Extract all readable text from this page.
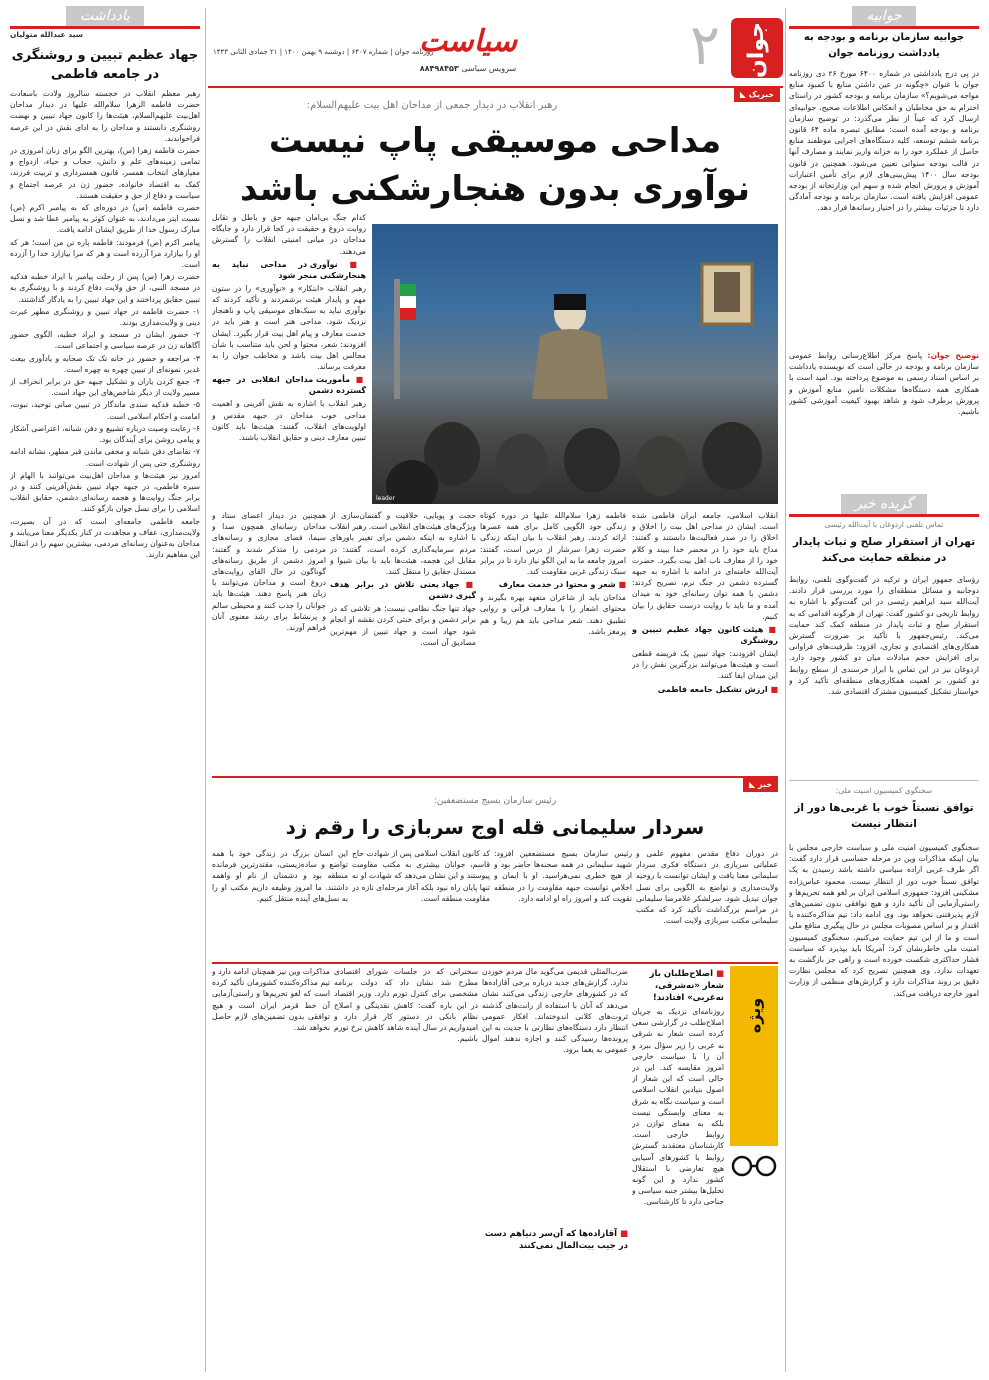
جوان
۲
سیاست
سرویس سیاسی ۸۸۴۹۸۴۵۳
روزنامه جوان | شماره ۶۴۰۷ | دوشنبه ۹ بهمن ۱۴۰۰ | ۲۱ جمادی الثانی ۱۴۴۳
خبریک ◣
یادداشت
سید عبدالله متولیان
جهاد عظیم تبیین و روشنگری در جامعه فاطمی

رهبر معظم انقلاب در خجسته سالروز ولادت باسعادت حضرت فاطمه الزهرا سلام‌الله علیها در دیدار مداحان اهل‌بیت علیهم‌السلام، هیئت‌ها را کانون جهاد تبیین و نهضت روشنگری دانستند و مداحان را به ادای نقش در این عرصه فراخواندند.

حضرت فاطمه زهرا (س)، بهترین الگو برای زنان امروزی در تمامی زمینه‌های علم و دانش، حجاب و حیاء، ازدواج و معیارهای انتخاب همسر، قانون همسرداری و تربیت فرزند، کمک به اقتصاد خانواده، حضور زن در عرصه اجتماع و سیاست و دفاع از حق و حقیقت هستند.

حضرت فاطمه (س) در دوره‌ای که به پیامبر اکرم (ص) نسبت ابتر می‌دادند، به عنوان کوثر به پیامبر عطا شد و نسل مبارک رسول خدا از طریق ایشان ادامه یافت.

پیامبر اکرم (ص) فرمودند: فاطمه پاره تن من است؛ هر که او را بیازارد مرا آزرده است و هر که مرا بیازارد خدا را آزرده است.

حضرت زهرا (س) پس از رحلت پیامبر با ایراد خطبه فدکیه در مسجد النبی، از حق ولایت دفاع کردند و با روشنگری به تبیین حقایق پرداختند و این جهاد تبیین را به یادگار گذاشتند.

۱- حضرت فاطمه در جهاد تبیین و روشنگری مظهر غیرت دینی و ولایت‌مداری بودند.

۲- حضور ایشان در مسجد و ایراد خطبه، الگوی حضور آگاهانه زن در عرصه سیاسی و اجتماعی است.

۳- مراجعه و حضور در خانه تک تک صحابه و یادآوری بیعت غدیر، نمونه‌ای از تبیین چهره به چهره است.

۴- جمع کردن یاران و تشکیل جبهه حق در برابر انحراف از مسیر ولایت از دیگر شاخص‌های این جهاد است.

۵- خطبه فدکیه سندی ماندگار در تبیین مبانی توحید، نبوت، امامت و احکام اسلامی است.

۶- رعایت وصیت درباره تشییع و دفن شبانه، اعتراضی آشکار و پیامی روشن برای آیندگان بود.

۷- تقاضای دفن شبانه و مخفی ماندن قبر مطهر، نشانه ادامه روشنگری حتی پس از شهادت است.

امروز نیز هیئت‌ها و مداحان اهل‌بیت می‌توانند با الهام از سیره فاطمی، در جبهه جهاد تبیین نقش‌آفرینی کنند و در برابر جنگ روایت‌ها و هجمه رسانه‌ای دشمن، حقایق انقلاب اسلامی را برای نسل جوان بازگو کنند.

جامعه فاطمی جامعه‌ای است که در آن بصیرت، ولایت‌مداری، عفاف و مجاهدت در کنار یکدیگر معنا می‌یابند و مداحان به‌عنوان رسانه‌ای مردمی، بیشترین سهم را در انتقال این مفاهیم دارند.

جوابیه
جوابیه سازمان برنامه و بودجه به یادداشت روزنامه جوان

در پی درج یادداشتی در شماره ۶۴۰۰ مورخ ۲۶ دی روزنامه جوان با عنوان «چگونه در عین داشتن منابع با کمبود منابع مواجه می‌شویم؟» سازمان برنامه و بودجه کشور در راستای احترام به حق مخاطبان و انعکاس اطلاعات صحیح، جوابیه‌ای ارسال کرد که عیناً از نظر می‌گذرد: در توضیح سازمان برنامه و بودجه آمده است: مطابق تبصره ماده ۶۴ قانون برنامه ششم توسعه، کلیه دستگاه‌های اجرایی موظفند منابع حاصل از عملکرد خود را به خزانه واریز نمایند و مصارف آنها در قالب بودجه سنواتی تعیین می‌شود. همچنین در قانون بودجه سال ۱۴۰۰ پیش‌بینی‌های لازم برای تأمین اعتبارات آموزش و پرورش انجام شده و سهم این وزارتخانه از بودجه عمومی افزایش یافته است. سازمان برنامه و بودجه آمادگی دارد تا جزئیات بیشتر را در اختیار رسانه‌ها قرار دهد.

توضیح جوان: پاسخ مرکز اطلاع‌رسانی روابط عمومی سازمان برنامه و بودجه در حالی است که نویسنده یادداشت بر اساس اسناد رسمی به موضوع پرداخته بود. امید است با همکاری همه دستگاه‌ها مشکلات تأمین منابع آموزش و پرورش برطرف شود و شاهد بهبود کیفیت آموزشی کشور باشیم.

گزیده خبر
تماس تلفنی اردوغان با آیت‌الله رئیسی
تهران از استقرار صلح و ثبات پایدار در منطقه حمایت می‌کند

رؤسای جمهور ایران و ترکیه در گفت‌وگوی تلفنی، روابط دوجانبه و مسائل منطقه‌ای را مورد بررسی قرار دادند. آیت‌الله سید ابراهیم رئیسی در این گفت‌وگو با اشاره به روابط تاریخی دو کشور گفت: تهران از هرگونه اقدامی که به استقرار صلح و ثبات پایدار در منطقه کمک کند حمایت می‌کند. رئیس‌جمهور با تأکید بر ضرورت گسترش همکاری‌های اقتصادی و تجاری، افزود: ظرفیت‌های فراوانی برای افزایش حجم مبادلات میان دو کشور وجود دارد. اردوغان نیز در این تماس با ابراز خرسندی از سطح روابط دو کشور، بر اهمیت همکاری‌های منطقه‌ای تأکید کرد و خواستار تشکیل کمیسیون مشترک اقتصادی شد.

سخنگوی کمیسیون امنیت ملی:
توافق نسبتاً خوب با غربی‌ها دور از انتظار نیست

سخنگوی کمیسیون امنیت ملی و سیاست خارجی مجلس با بیان اینکه مذاکرات وین در مرحله حساسی قرار دارد گفت: اگر طرف غربی اراده سیاسی داشته باشد رسیدن به یک توافق نسبتاً خوب دور از انتظار نیست. محمود عباس‌زاده مشکینی افزود: جمهوری اسلامی ایران بر لغو همه تحریم‌ها و راستی‌آزمایی آن تأکید دارد و هیچ توافقی بدون تضمین‌های لازم پذیرفتنی نخواهد بود. وی ادامه داد: تیم مذاکره‌کننده با اقتدار و بر اساس مصوبات مجلس در حال پیگیری منافع ملی است و ما از این تیم حمایت می‌کنیم. سخنگوی کمیسیون امنیت ملی خاطرنشان کرد: آمریکا باید بپذیرد که سیاست فشار حداکثری شکست خورده است و راهی جز بازگشت به تعهدات ندارد. وی همچنین تصریح کرد که مجلس نظارت دقیق بر روند مذاکرات دارد و گزارش‌های منظمی از وزارت امور خارجه دریافت می‌کند.

رهبر انقلاب در دیدار جمعی از مداحان اهل بیت علیهم‌السلام:
مداحی موسیقی پاپ نیست
نوآوری بدون هنجارشکنی باشد
leader

کدام جنگ بی‌امان جبهه حق و باطل و تقابل روایت دروغ و حقیقت در کجا قرار دارد و جایگاه مداحان در میانی امنیتی انقلاب را گسترش می‌دهند.

■ نوآوری در مداحی نباید به هنجارشکنی منجر شود

رهبر انقلاب «ابتکار» و «نوآوری» را در ستون مهم و پایدار هیئت برشمردند و تأکید کردند که نوآوری نباید به سبک‌های موسیقی پاپ و ناهنجار نزدیک شود. مداحی هنر است و هنر باید در خدمت معارف و پیام اهل بیت قرار بگیرد. ایشان افزودند: شعر، محتوا و لحن باید متناسب با شأن مجالس اهل بیت باشد و مخاطب جوان را به معرفت برساند.

■ مأموریت مداحان انقلابی در جبهه گسترده دشمن

رهبر انقلاب با اشاره به نقش آفرینی و اهمیت مداحی خوب مداحان در جبهه مقدس و اولویت‌های انقلاب، گفتند: هیئت‌ها باید کانون تبیین معارف دینی و حقایق انقلاب باشند.

انقلاب اسلامی، جامعه ایران فاطمی شده است. ایشان در مداحی اهل بیت را اخلاق و اخلاق را در صدر فعالیت‌ها دانستند و گفتند: مداح باید خود را در محضر خدا ببیند و کلام خود را از معارف ناب اهل بیت بگیرد. حضرت آیت‌الله خامنه‌ای در ادامه با اشاره به جبهه گسترده دشمن در جنگ نرم، تصریح کردند: دشمن با همه توان رسانه‌ای خود به میدان آمده و ما باید با روایت درست حقایق را بیان کنیم.

■ هیئت کانون جهاد عظیم تبیین و روشنگری

ایشان افزودند: جهاد تبیین یک فریضه قطعی است و هیئت‌ها می‌توانند بزرگترین نقش را در این میدان ایفا کنند.

■ ارزش تشکیل جامعه فاطمی

فاطمه زهرا سلام‌الله علیها در دوره کوتاه زندگی خود الگویی کامل برای همه عصرها ارائه کردند. رهبر انقلاب با بیان اینکه زندگی حضرت زهرا سرشار از درس است، گفتند: امروز جامعه ما به این الگو نیاز دارد تا در برابر سبک زندگی غربی مقاومت کند.

■ شعر و محتوا در خدمت معارف

مداحان باید از شاعران متعهد بهره بگیرند و محتوای اشعار را با معارف قرآنی و روایی تطبیق دهند. شعر مداحی باید هم زیبا و هم پرمغز باشد.

حجت و پویایی، خلاقیت و گفتمان‌سازی از ویژگی‌های هیئت‌های انقلابی است. رهبر انقلاب با اشاره به اینکه دشمن برای تغییر باورهای مردم سرمایه‌گذاری کرده است، گفتند: در مقابل این هجمه، هیئت‌ها باید با بیان شیوا و مستدل حقایق را منتقل کنند.

■ جهاد یعنی تلاش در برابر هدف گیری دشمن

جهاد تنها جنگ نظامی نیست؛ هر تلاشی که در برابر دشمن و برای خنثی کردن نقشه او انجام شود جهاد است و جهاد تبیین از مهم‌ترین مصادیق آن است.

همچنین در دیدار اعضای ستاد و مداحان رسانه‌ای همچون صدا و سیما، فضای مجازی و رسانه‌های مردمی را متذکر شدند و گفتند: امروز دشمن از طریق رسانه‌های گوناگون در حال القای روایت‌های دروغ است و مداحان می‌توانند با زبان هنر پاسخ دهند. هیئت‌ها باید جوانان را جذب کنند و محیطی سالم و پرنشاط برای رشد معنوی آنان فراهم آورند.

خبر ◣
رئیس سازمان بسیج مستضعفین:
سردار سلیمانی قله اوج سربازی را رقم زد

در دوران دفاع مقدس مفهوم علمی و عملیاتی سربازی در دستگاه فکری سردار سلیمانی معنا یافت و ایشان توانست با روحیه ولایت‌مداری و تواضع به الگویی برای نسل جوان تبدیل شود. سرلشکر غلامرضا سلیمانی در مراسم بزرگداشت تأکید کرد که مکتب سلیمانی مکتب سربازی ولایت است.

رئیس سازمان بسیج مستضعفین افزود: شهید سلیمانی در همه صحنه‌ها حاضر بود و از هیچ خطری نمی‌هراسید. او با ایمان و اخلاص توانست جبهه مقاومت را در منطقه تقویت کند و امروز راه او ادامه دارد.

کد کانون انقلاب اسلامی پس از شهادت حاج قاسم، جوانان بیشتری به مکتب مقاومت پیوستند و این نشان می‌دهد که شهادت او نه تنها پایان راه نبود بلکه آغاز مرحله‌ای تازه در مقاومت منطقه است.

این انسان بزرگ در زندگی خود با همه تواضع و ساده‌زیستی، مقتدرترین فرمانده منطقه بود و دشمنان از نام او واهمه داشتند. ما امروز وظیفه داریم مکتب او را به نسل‌های آینده منتقل کنیم.

ویژه
■ اصلاح‌طلبان باز شعار «نه‌شرقی، نه‌غربی» افتادند!

روزنامه‌ای نزدیک به جریان اصلاح‌طلب در گزارشی سعی کرده است شعار نه شرقی نه غربی را زیر سؤال ببرد و آن را با سیاست خارجی امروز مقایسه کند. این در حالی است که این شعار از اصول بنیادین انقلاب اسلامی است و سیاست نگاه به شرق به معنای وابستگی نیست بلکه به معنای توازن در روابط خارجی است. کارشناسان معتقدند گسترش روابط با کشورهای آسیایی هیچ تعارضی با استقلال کشور ندارد و این گونه تحلیل‌ها بیشتر جنبه سیاسی و جناحی دارد تا کارشناسی.

ضرب‌المثلی قدیمی می‌گوید مال مردم خوردن ندارد. گزارش‌های جدید درباره برخی آقازاده‌ها که در کشورهای خارجی زندگی می‌کنند نشان می‌دهد که آنان با استفاده از رانت‌های گذشته ثروت‌های کلانی اندوخته‌اند. افکار عمومی انتظار دارد دستگاه‌های نظارتی با جدیت به این پرونده‌ها رسیدگی کنند و اجازه ندهند اموال عمومی به یغما برود.

■ آقازاده‌ها که آن‌سر دنیاهم دست در جیب بیت‌المال نمی‌کنند

سخنرانی که در جلسات شورای اقتصادی مطرح شد نشان داد که دولت برنامه مشخصی برای کنترل تورم دارد. وزیر اقتصاد در این باره گفت: کاهش نقدینگی و اصلاح نظام بانکی در دستور کار قرار دارد و امیدواریم در سال آینده شاهد کاهش نرخ تورم باشیم.

مذاکرات وین نیز همچنان ادامه دارد و تیم مذاکره‌کننده کشورمان تأکید کرده است که لغو تحریم‌ها و راستی‌آزمایی آن خط قرمز ایران است و هیچ توافقی بدون تضمین‌های لازم حاصل نخواهد شد.
